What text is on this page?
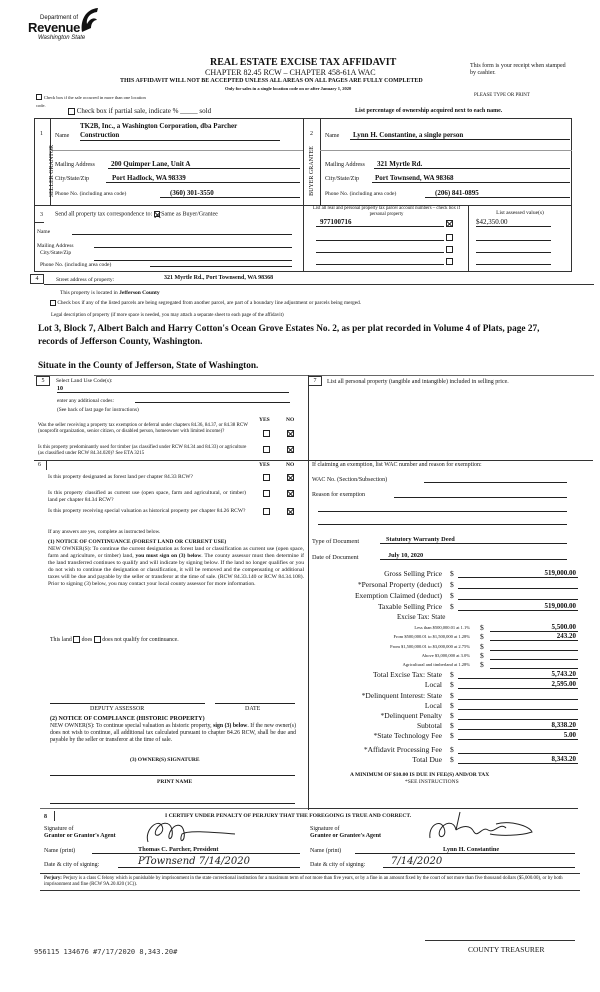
Department of
Revenue
Washington State
REAL ESTATE EXCISE TAX AFFIDAVIT
CHAPTER 82.45 RCW – CHAPTER 458-61A WAC
THIS AFFIDAVIT WILL NOT BE ACCEPTED UNLESS ALL AREAS ON ALL PAGES ARE FULLY COMPLETED
Only for sales in a single location code on or after January 1, 2020
This form is your receipt when stamped by cashier.
PLEASE TYPE OR PRINT
Check box if the sale occurred in more than one location code.
Check box if partial sale, indicate % _____ sold	List percentage of ownership acquired next to each name.
1
SELLER GRANTOR
Name
TK2B, Inc., a Washington Corporation, dba Parcher
Construction
Mailing Address	200 Quimper Lane, Unit A
City/State/Zip	Port Hadlock, WA 98339
Phone No. (including area code)	(360) 301-3550
2
BUYER GRANTEE
Name	Lynn H. Constantine, a single person
Mailing Address	321 Myrtle Rd.
City/State/Zip	Port Townsend, WA 98368
Phone No. (including area code)	(206) 841-0895
3 Send all property tax correspondence to: Same as Buyer/Grantee
Name
Mailing Address
City/State/Zip
Phone No. (including area code)
List all real and personal property tax parcel account numbers – check box if personal property	List assessed value(s)
977100716	$42,350.00
4	Street address of property:	321 Myrtle Rd., Port Townsend, WA 98368
This property is located in Jefferson County
Check box if any of the listed parcels are being segregated from another parcel, are part of a boundary line adjustment or parcels being merged.
Legal description of property (if more space is needed, you may attach a separate sheet to each page of the affidavit)
Lot 3, Block 7, Albert Balch and Harry Cotton's Ocean Grove Estates No. 2, as per plat recorded in Volume 4 of Plats, page 27, records of Jefferson County, Washington.
Situate in the County of Jefferson, State of Washington.
5	Select Land Use Code(s):
10
enter any additional codes:
(See back of last page for instructions)
YES	NO
Was the seller receiving a property tax exemption or deferral under chapters 84.36, 84.37, or 84.38 RCW (nonprofit organization, senior citizen, or disabled person, homeowner with limited income)?
Is this property predominantly used for timber (as classified under RCW 84.34 and 84.33) or agriculture (as classified under RCW 84.34.020)? See ETA 3215
6	YES	NO
Is this property designated as forest land per chapter 84.33 RCW?
Is this property classified as current use (open space, farm and agricultural, or timber) land per chapter 84.34 RCW?
Is this property receiving special valuation as historical property per chapter 84.26 RCW?
If any answers are yes, complete as instructed below.
(1) NOTICE OF CONTINUANCE (FOREST LAND OR CURRENT USE)
NEW OWNER(S): To continue the current designation as forest land or classification as current use (open space, farm and agriculture, or timber) land, you must sign on (3) below. The county assessor must then determine if the land transferred continues to qualify and will indicate by signing below. If the land no longer qualifies or you do not wish to continue the designation or classification, it will be removed and the compensating or additional taxes will be due and payable by the seller or transferor at the time of sale. (RCW 84.33.140 or RCW 84.34.108). Prior to signing (3) below, you may contact your local county assessor for more information.
This land does does not qualify for continuance.
DEPUTY ASSESSOR	DATE
(2) NOTICE OF COMPLIANCE (HISTORIC PROPERTY)
NEW OWNER(S): To continue special valuation as historic property, sign (3) below. If the new owner(s) does not wish to continue, all additional tax calculated pursuant to chapter 84.26 RCW, shall be due and payable by the seller or transferor at the time of sale.
(3) OWNER(S) SIGNATURE
PRINT NAME
7	List all personal property (tangible and intangible) included in selling price.
If claiming an exemption, list WAC number and reason for exemption:
WAC No. (Section/Subsection)
Reason for exemption
Type of Document	Statutory Warranty Deed
Date of Document	July 10, 2020
Gross Selling Price $	519,000.00
*Personal Property (deduct) $
Exemption Claimed (deduct) $
Taxable Selling Price $	519,000.00
Excise Tax: State
Less than $500,000.01 at 1.1% $	5,500.00
From $500,000.01 to $1,500,000 at 1.28% $	243.20
From $1,500,000.01 to $3,000,000 at 2.75% $
Above $3,000,000 at 3.0% $
Agricultural and timberland at 1.28% $
Total Excise Tax: State $	5,743.20
Local $	2,595.00
*Delinquent Interest: State $
Local $
*Delinquent Penalty $
Subtotal $	8,338.20
*State Technology Fee $	5.00
*Affidavit Processing Fee $
Total Due $	8,343.20
A MINIMUM OF $10.00 IS DUE IN FEE(S) AND/OR TAX
*SEE INSTRUCTIONS
8	I CERTIFY UNDER PENALTY OF PERJURY THAT THE FOREGOING IS TRUE AND CORRECT.
Signature of
Grantor or Grantor's Agent
Name (print)	Thomas C. Parcher, President
Date & city of signing:	PTownsend 7/14/2020
Signature of
Grantee or Grantee's Agent
Name (print)	Lynn H. Constantine
Date & city of signing:	7/14/2020
Perjury: Perjury is a class C felony which is punishable by imprisonment in the state correctional institution for a maximum term of not more than five years, or by a fine in an amount fixed by the court of not more than five thousand dollars ($5,000.00), or by both imprisonment and fine (RCW 9A.20.020 (1C)).
956115 134676 #7/17/2020 8,343.20#	COUNTY TREASURER
